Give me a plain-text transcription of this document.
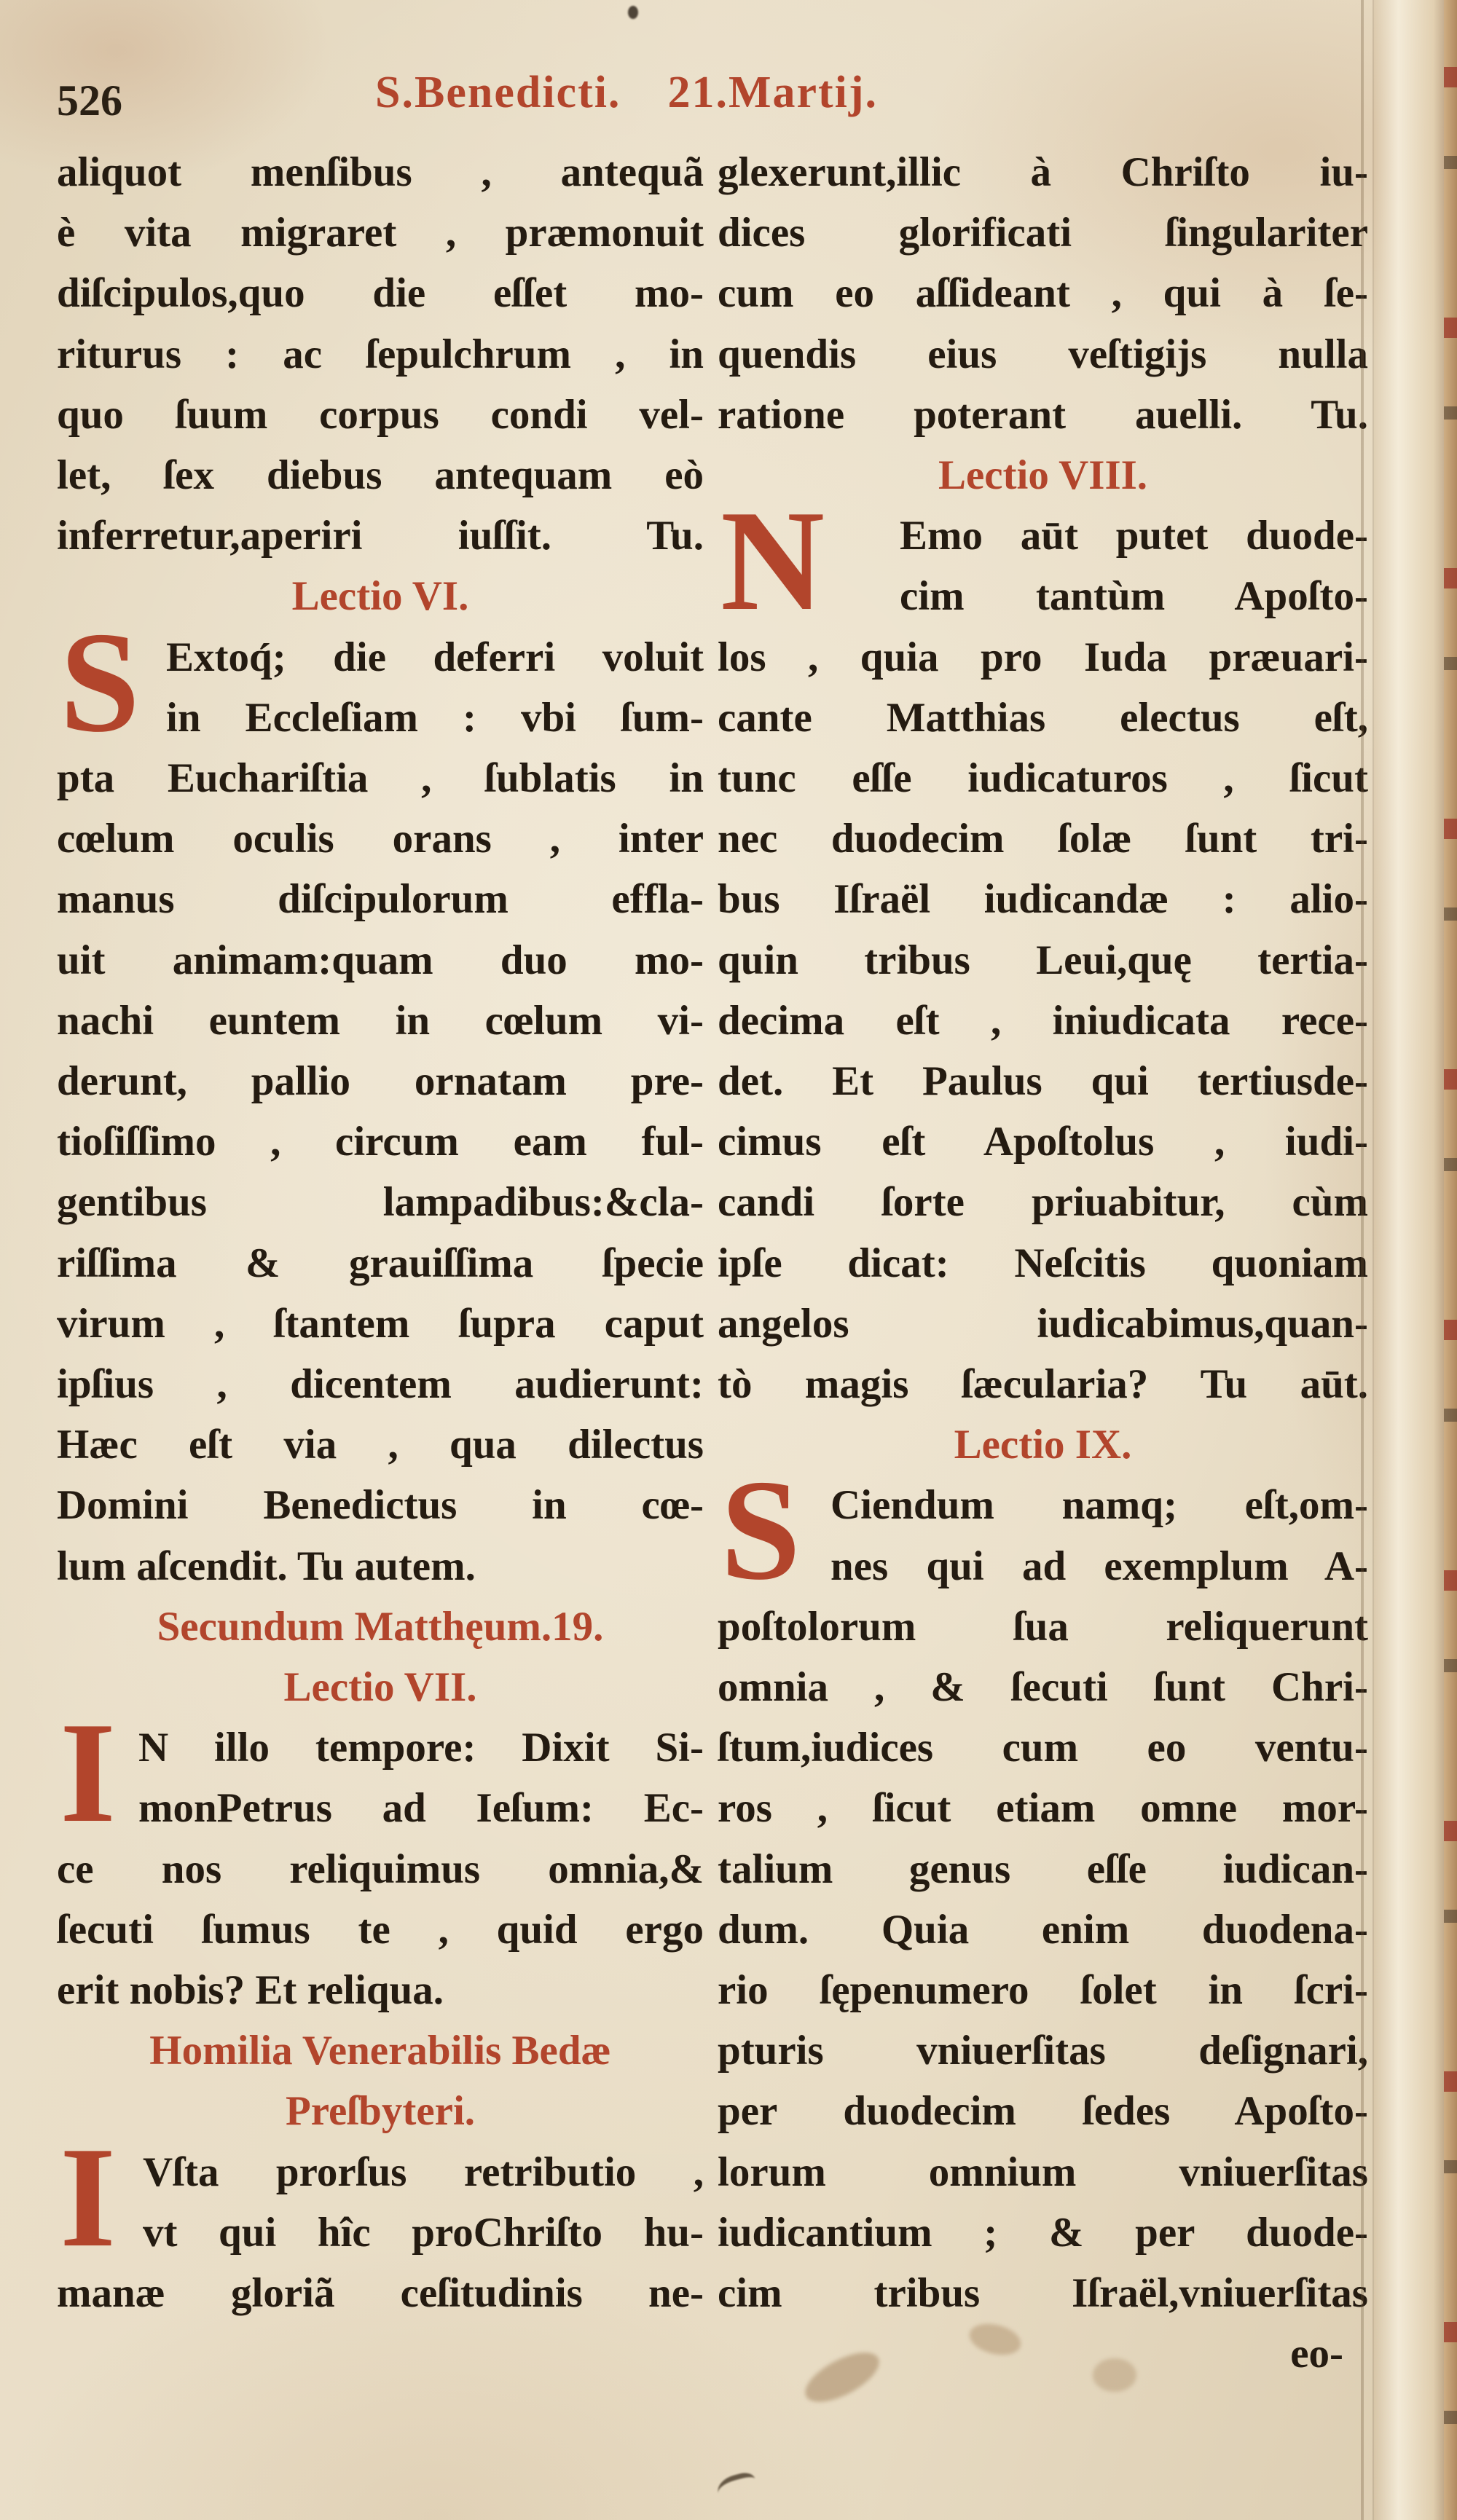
526	S.Benedicti. 21.Martij.
aliquot menſibus , antequã
è vita migraret , præmonuit
diſcipulos,quo die eſſet mo-
riturus : ac ſepulchrum , in
quo ſuum corpus condi vel-
let, ſex diebus antequam eò
inferretur,aperiri iuſſit. Tu.
Lectio VI.
Extoq́; die deferri voluit
S in Eccleſiam : vbi ſum-
pta Euchariſtia , ſublatis in
cœlum oculis orans , inter
manus diſcipulorum effla-
uit animam:quam duo mo-
nachi euntem in cœlum vi-
derunt, pallio ornatam pre-
tioſiſſimo , circum eam ful-
gentibus lampadibus:&cla-
riſſima & grauiſſima ſpecie
virum , ſtantem ſupra caput
ipſius , dicentem audierunt:
Hæc eſt via , qua dilectus
Domini Benedictus in cœ-
lum aſcendit. Tu autem.
Secundum Matthęum.19.
Lectio VII.
N illo tempore: Dixit Si-
I monPetrus ad Ieſum: Ec-
ce nos reliquimus omnia,&
ſecuti ſumus te , quid ergo
erit nobis? Et reliqua.
Homilia Venerabilis Bedæ
Preſbyteri.
Vſta prorſus retributio ,
I vt qui hîc proChriſto hu-
manæ gloriã ceſitudinis ne-
glexerunt,illic à Chriſto iu-
dices glorificati ſingulariter
cum eo aſſideant , qui à ſe-
quendis eius veſtigijs nulla
ratione poterant auelli. Tu.
Lectio VIII.
Emo aūt putet duode-
N	cim tantùm Apoſto-
los , quia pro Iuda præuari-
cante Matthias electus eſt,
tunc eſſe iudicaturos , ſicut
nec duodecim ſolæ ſunt tri-
bus Iſraël iudicandæ : alio-
quin tribus Leui,quę tertia-
decima eſt , iniudicata rece-
det. Et Paulus qui tertiusde-
cimus eſt Apoſtolus , iudi-
candi ſorte priuabitur, cùm
ipſe dicat: Neſcitis quoniam
angelos iudicabimus,quan-
tò magis ſæcularia? Tu aūt.
Lectio IX.
Ciendum namq; eſt,om-
S nes qui ad exemplum A-
poſtolorum ſua reliquerunt
omnia , & ſecuti ſunt Chri-
ſtum,iudices cum eo ventu-
ros , ſicut etiam omne mor-
talium genus eſſe iudican-
dum. Quia enim duodena-
rio ſępenumero ſolet in ſcri-
pturis vniuerſitas deſignari,
per duodecim ſedes Apoſto-
lorum omnium vniuerſitas
iudicantium ; & per duode-
cim tribus Iſraël,vniuerſitas
eo-
